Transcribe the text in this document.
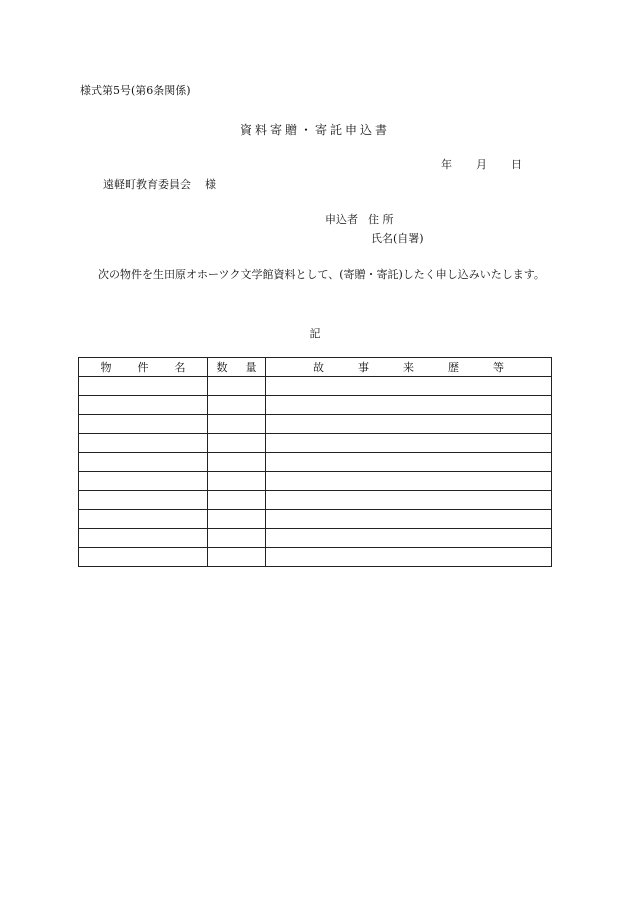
様式第5号(第6条関係)
資料寄贈・寄託申込書
年 月 日
遠軽町教育委員会 様
申込者 住 所
氏名(自署)
次の物件を生田原オホーツク文学館資料として、(寄贈・寄託)したく申し込みいたします。
記
物 件 名	数 量	故 事 来 歴 等
